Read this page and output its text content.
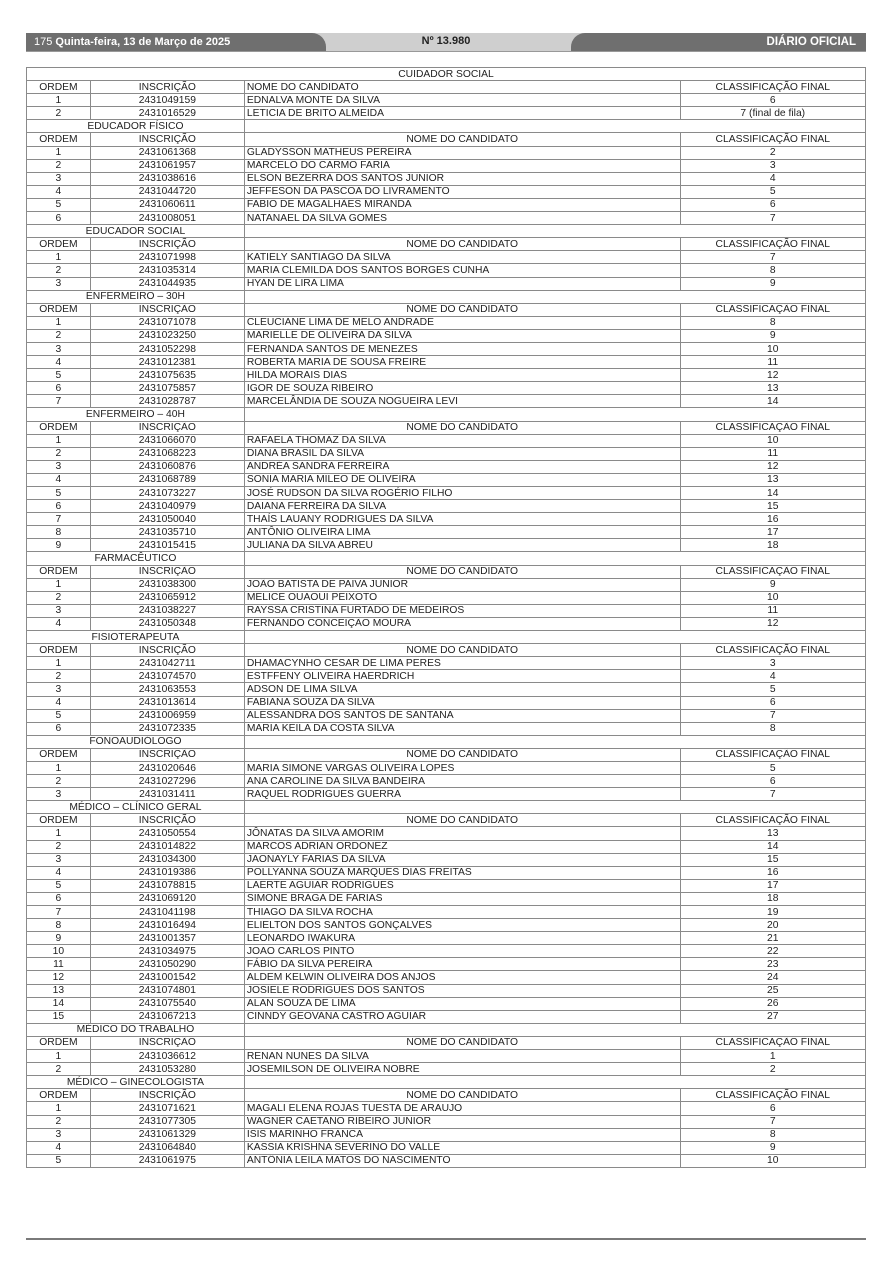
175 Quinta-feira, 13 de Março de 2025	Nº 13.980	DIÁRIO OFICIAL
CUIDADOR SOCIAL			
ORDEM	INSCRIÇÃO	NOME DO CANDIDATO	CLASSIFICAÇÃO FINAL
1	2431049159	EDNALVA MONTE DA SILVA	6
2	2431016529	LETICIA DE BRITO ALMEIDA	7 (final de fila)
EDUCADOR FÍSICO			
ORDEM	INSCRIÇÃO	NOME DO CANDIDATO	CLASSIFICAÇÃO FINAL
1	2431061368	GLADYSSON MATHEUS PEREIRA	2
2	2431061957	MARCELO DO CARMO FARIA	3
3	2431038616	ELSON BEZERRA DOS SANTOS JUNIOR	4
4	2431044720	JEFFESON DA PASCOA DO LIVRAMENTO	5
5	2431060611	FABIO DE MAGALHÃES MIRANDA	6
6	2431008051	NATANAEL DA SILVA GOMES	7
EDUCADOR SOCIAL			
ORDEM	INSCRIÇÃO	NOME DO CANDIDATO	CLASSIFICAÇÃO FINAL
1	2431071998	KATIELY SANTIAGO DA SILVA	7
2	2431035314	MARIA CLEMILDA DOS SANTOS BORGES CUNHA	8
3	2431044935	HYAN DE LIRA LIMA	9
ENFERMEIRO – 30H			
ORDEM	INSCRIÇÃO	NOME DO CANDIDATO	CLASSIFICAÇÃO FINAL
1	2431071078	CLEUCIANE LIMA DE MELO ANDRADE	8
2	2431023250	MARIELLE DE OLIVEIRA DA SILVA	9
3	2431052298	FERNANDA SANTOS DE MENEZES	10
4	2431012381	ROBERTA MARIA DE SOUSA FREIRE	11
5	2431075635	HILDA MORAIS DIAS	12
6	2431075857	IGOR DE SOUZA RIBEIRO	13
7	2431028787	MARCELÂNDIA DE SOUZA NOGUEIRA LEVI	14
ENFERMEIRO – 40H			
ORDEM	INSCRIÇÃO	NOME DO CANDIDATO	CLASSIFICAÇÃO FINAL
1	2431066070	RAFAELA THOMAZ DA SILVA	10
2	2431068223	DIANA BRASIL DA SILVA	11
3	2431060876	ANDRÉA SANDRA FERREIRA	12
4	2431068789	SONIA MARIA MILEO DE OLIVEIRA	13
5	2431073227	JOSÉ RUDSON DA SILVA ROGÉRIO FILHO	14
6	2431040979	DAIANA FERREIRA DA SILVA	15
7	2431050040	THAÍS LAUANY RODRIGUES DA SILVA	16
8	2431035710	ANTÔNIO OLIVEIRA LIMA	17
9	2431015415	JULIANA DA SILVA ABREU	18
FARMACÊUTICO			
ORDEM	INSCRIÇÃO	NOME DO CANDIDATO	CLASSIFICAÇÃO FINAL
1	2431038300	JOÃO BATISTA DE PAIVA JUNIOR	9
2	2431065912	MELICE OUAOUI PEIXOTO	10
3	2431038227	RAYSSA CRISTINA FURTADO DE MEDEIROS	11
4	2431050348	FERNANDO CONCEIÇÃO MOURA	12
FISIOTERAPEUTA			
ORDEM	INSCRIÇÃO	NOME DO CANDIDATO	CLASSIFICAÇÃO FINAL
1	2431042711	DHAMACYNHO CESAR DE LIMA PERES	3
2	2431074570	ESTFFENY OLIVEIRA HAERDRICH	4
3	2431063553	ADSON DE LIMA SILVA	5
4	2431013614	FABIANA SOUZA DA SILVA	6
5	2431006959	ALESSANDRA DOS SANTOS DE SANTANA	7
6	2431072335	MARIA KEILA DA COSTA SILVA	8
FONOAUDIÓLOGO			
ORDEM	INSCRIÇÃO	NOME DO CANDIDATO	CLASSIFICAÇÃO FINAL
1	2431020646	MARIA SIMONE VARGAS OLIVEIRA LOPES	5
2	2431027296	ANA CAROLINE DA SILVA BANDEIRA	6
3	2431031411	RAQUEL RODRIGUES GUERRA	7
MÉDICO – CLÍNICO GERAL			
ORDEM	INSCRIÇÃO	NOME DO CANDIDATO	CLASSIFICAÇÃO FINAL
1	2431050554	JÔNATAS DA SILVA AMORIM	13
2	2431014822	MARCOS ADRIAN ORDONEZ	14
3	2431034300	JAONAYLY FARIAS DA SILVA	15
4	2431019386	POLLYANNA SOUZA MARQUES DIAS FREITAS	16
5	2431078815	LAERTE AGUIAR RODRIGUES	17
6	2431069120	SIMONE BRAGA DE FARIAS	18
7	2431041198	THIAGO DA SILVA ROCHA	19
8	2431016494	ELIELTON DOS SANTOS GONÇALVES	20
9	2431001357	LEONARDO IWAKURA	21
10	2431034975	JOAO CARLOS PINTO	22
11	2431050290	FÁBIO DA SILVA PEREIRA	23
12	2431001542	ALDEM KELWIN OLIVEIRA DOS ANJOS	24
13	2431074801	JOSIELE RODRIGUES DOS SANTOS	25
14	2431075540	ALAN SOUZA DE LIMA	26
15	2431067213	CINNDY GEOVANA CASTRO AGUIAR	27
MÉDICO DO TRABALHO			
ORDEM	INSCRIÇÃO	NOME DO CANDIDATO	CLASSIFICAÇÃO FINAL
1	2431036612	RENAN NUNES DA SILVA	1
2	2431053280	JOSEMILSON DE OLIVEIRA NOBRE	2
MÉDICO – GINECOLOGISTA			
ORDEM	INSCRIÇÃO	NOME DO CANDIDATO	CLASSIFICAÇÃO FINAL
1	2431071621	MAGALI ELENA ROJAS TUESTA DE ARAUJO	6
2	2431077305	WAGNER CAETANO RIBEIRO JUNIOR	7
3	2431061329	ISIS MARINHO FRANCA	8
4	2431064840	KASSIA KRISHNA SEVERINO DO VALLE	9
5	2431061975	ANTÔNIA LEILA MATOS DO NASCIMENTO	10
